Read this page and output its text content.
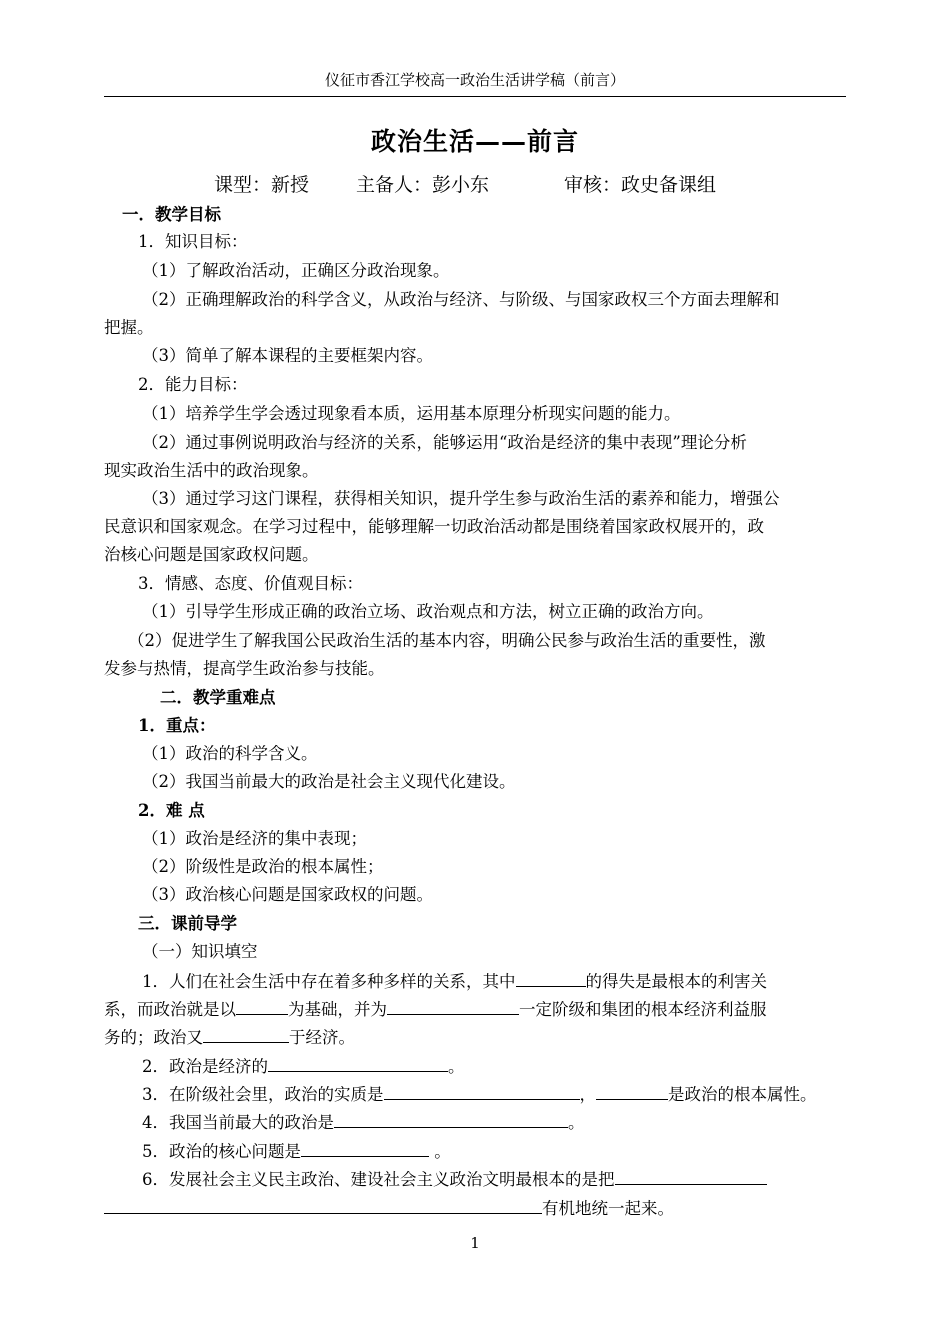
仪征市香江学校高一政治生活讲学稿（前言）
政治生活——前言

课型：新授

主备人：彭小东

	审核：政史备课组

一．教学目标
1．知识目标：
（1）了解政治活动，正确区分政治现象。
（2）正确理解政治的科学含义，从政治与经济、与阶级、与国家政权三个方面去理解和
把握。
（3）简单了解本课程的主要框架内容。
2．能力目标：
（1）培养学生学会透过现象看本质，运用基本原理分析现实问题的能力。
（2）通过事例说明政治与经济的关系，能够运用“政治是经济的集中表现”理论分析
现实政治生活中的政治现象。
（3）通过学习这门课程，获得相关知识，提升学生参与政治生活的素养和能力，增强公
民意识和国家观念。在学习过程中，能够理解一切政治活动都是围绕着国家政权展开的，政
治核心问题是国家政权问题。
3．情感、态度、价值观目标：
（1）引导学生形成正确的政治立场、政治观点和方法，树立正确的政治方向。
（2）促进学生了解我国公民政治生活的基本内容，明确公民参与政治生活的重要性，激
发参与热情，提高学生政治参与技能。
二．教学重难点
1．重点：
（1）政治的科学含义。
（2）我国当前最大的政治是社会主义现代化建设。
2．难 点
（1）政治是经济的集中表现；
（2）阶级性是政治的根本属性；
（3）政治核心问题是国家政权的问题。
三．课前导学
（一）知识填空
1．人们在社会生活中存在着多种多样的关系，其中	的得失是最根本的利害关
系，而政治就是以	为基础，并为	一定阶级和集团的根本经济利益服
务的；政治又	于经济。
2．政治是经济的	。
3．在阶级社会里，政治的实质是	，	是政治的根本属性。
4．我国当前最大的政治是	。
5．政治的核心问题是	。
6．发展社会主义民主政治、建设社会主义政治文明最根本的是把
有机地统一起来。
1
